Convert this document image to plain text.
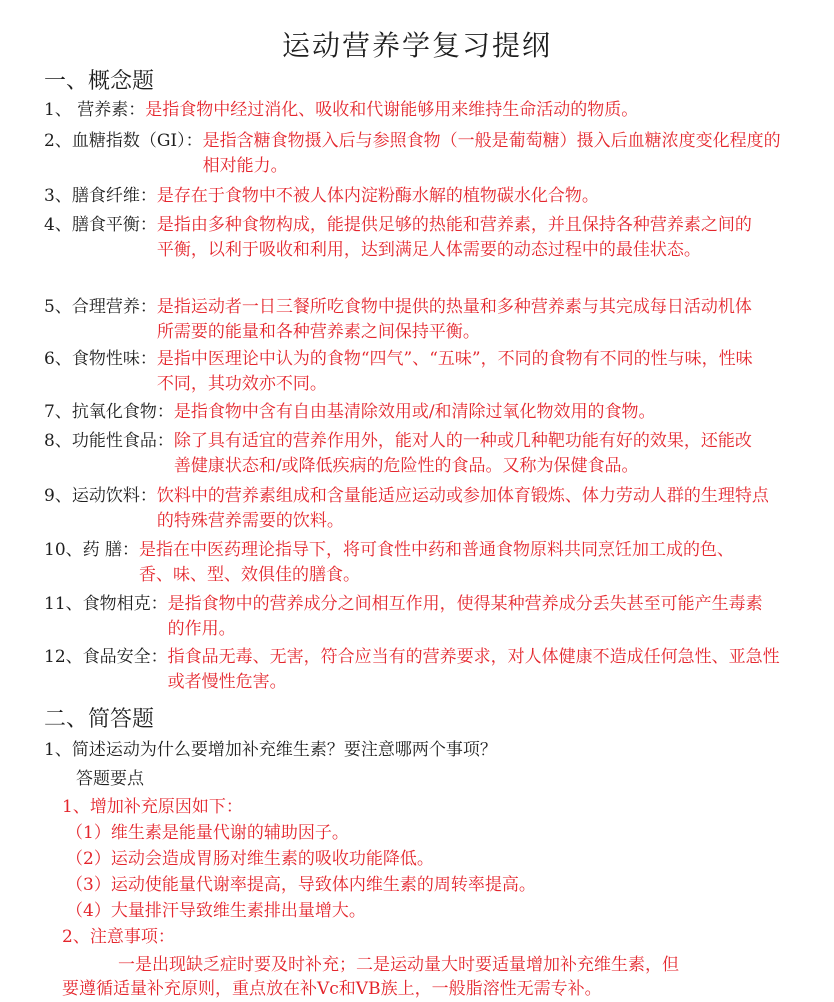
运动营养学复习提纲
一、概念题
1、 营养素：是指食物中经过消化、吸收和代谢能够用来维持生命活动的物质。
2、血糖指数（GI）：是指含糖食物摄入后与参照食物（一般是葡萄糖）摄入后血糖浓度变化程度的相对能力。
3、膳食纤维：是存在于食物中不被人体内淀粉酶水解的植物碳水化合物。
4、膳食平衡：是指由多种食物构成，能提供足够的热能和营养素，并且保持各种营养素之间的平衡，以利于吸收和利用，达到满足人体需要的动态过程中的最佳状态。
5、合理营养：是指运动者一日三餐所吃食物中提供的热量和多种营养素与其完成每日活动机体所需要的能量和各种营养素之间保持平衡。
6、食物性味：是指中医理论中认为的食物“四气”、“五味”，不同的食物有不同的性与味，性味不同，其功效亦不同。
7、抗氧化食物：是指食物中含有自由基清除效用或/和清除过氧化物效用的食物。
8、功能性食品：除了具有适宜的营养作用外，能对人的一种或几种靶功能有好的效果，还能改善健康状态和/或降低疾病的危险性的食品。又称为保健食品。
9、运动饮料：饮料中的营养素组成和含量能适应运动或参加体育锻炼、体力劳动人群的生理特点的特殊营养需要的饮料。
10、药 膳：是指在中医药理论指导下，将可食性中药和普通食物原料共同烹饪加工成的色、香、味、型、效俱佳的膳食。
11、食物相克：是指食物中的营养成分之间相互作用，使得某种营养成分丢失甚至可能产生毒素的作用。
12、食品安全：指食品无毒、无害，符合应当有的营养要求，对人体健康不造成任何急性、亚急性或者慢性危害。
二、简答题
1、简述运动为什么要增加补充维生素？要注意哪两个事项？
答题要点
1、增加补充原因如下：
（1）维生素是能量代谢的辅助因子。
（2）运动会造成胃肠对维生素的吸收功能降低。
（3）运动使能量代谢率提高，导致体内维生素的周转率提高。
（4）大量排汗导致维生素排出量增大。
2、注意事项：
一是出现缺乏症时要及时补充；二是运动量大时要适量增加补充维生素，但
要遵循适量补充原则，重点放在补Vc和VB族上，一般脂溶性无需专补。
